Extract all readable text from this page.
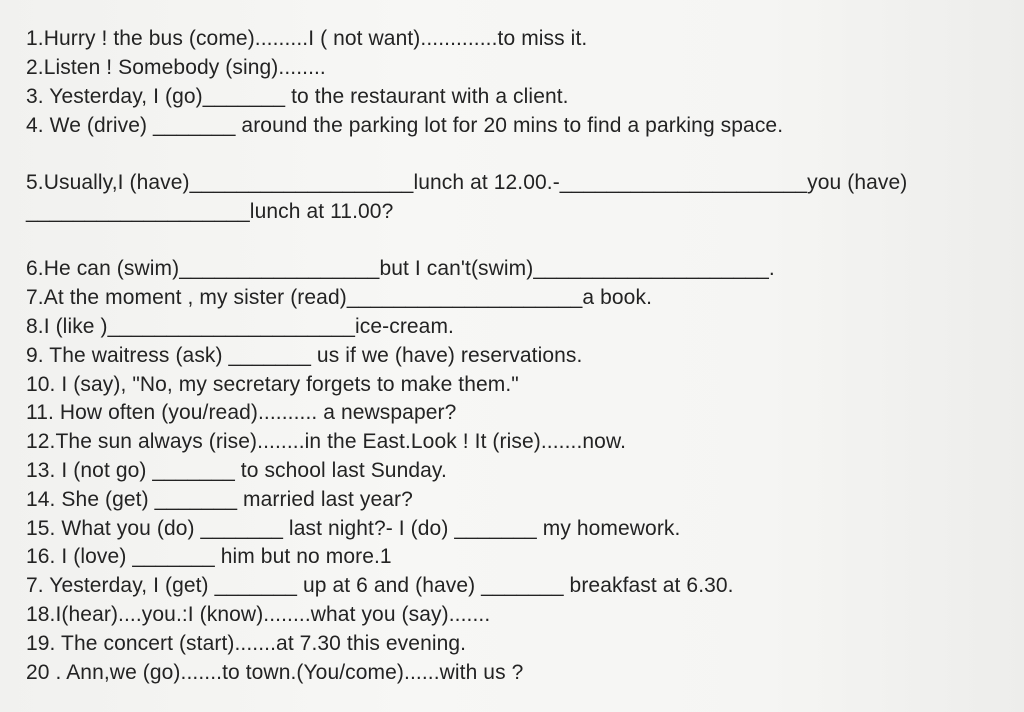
1.Hurry ! the bus (come).........I ( not want).............to miss it.
2.Listen ! Somebody (sing)........
3. Yesterday, I (go)_______ to the restaurant with a client.
4. We (drive) _______ around the parking lot for 20 mins to find a parking space.
5.Usually,I (have)___________________lunch at 12.00.-_____________________you (have)
___________________lunch at 11.00?
6.He can (swim)_________________but I can't(swim)____________________.
7.At the moment , my sister (read)____________________a book.
8.I (like )_____________________ice-cream.
9. The waitress (ask) _______ us if we (have) reservations.
10. I (say), "No, my secretary forgets to make them."
11. How often (you/read).......... a newspaper?
12.The sun always (rise)........in the East.Look ! It (rise).......now.
13. I (not go) _______ to school last Sunday.
14. She (get) _______ married last year?
15. What you (do) _______ last night?- I (do) _______ my homework.
16. I (love) _______ him but no more.1
7. Yesterday, I (get) _______ up at 6 and (have) _______ breakfast at 6.30.
18.I(hear)....you.:I (know)........what you (say).......
19. The concert (start).......at 7.30 this evening.
20 . Ann,we (go).......to town.(You/come)......with us ?
